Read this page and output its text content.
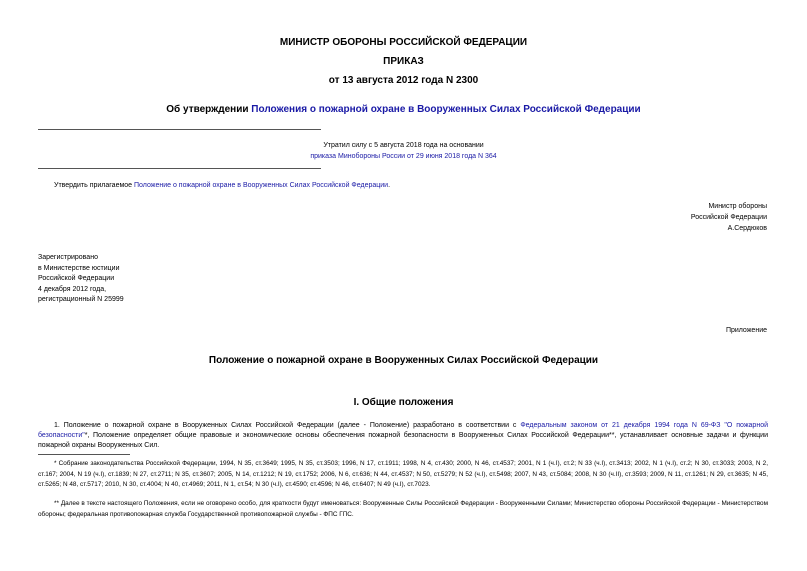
МИНИСТР ОБОРОНЫ РОССИЙСКОЙ ФЕДЕРАЦИИ
ПРИКАЗ
от 13 августа 2012 года N 2300
Об утверждении Положения о пожарной охране в Вооруженных Силах Российской Федерации
Утратил силу с 5 августа 2018 года на основании
приказа Минобороны России от 29 июня 2018 года N 364
Утвердить прилагаемое Положение о пожарной охране в Вооруженных Силах Российской Федерации.
Министр обороны
Российской Федерации
А.Сердюков
Зарегистрировано
в Министерстве юстиции
Российской Федерации
4 декабря 2012 года,
регистрационный N 25999
Приложение
Положение о пожарной охране в Вооруженных Силах Российской Федерации
I. Общие положения
1. Положение о пожарной охране в Вооруженных Силах Российской Федерации (далее - Положение) разработано в соответствии с Федеральным законом от 21 декабря 1994 года N 69-ФЗ "О пожарной безопасности"*, Положение определяет общие правовые и экономические основы обеспечения пожарной безопасности в Вооруженных Силах Российской Федерации**, устанавливает основные задачи и функции пожарной охраны Вооруженных Сил.
* Собрание законодательства Российской Федерации, 1994, N 35, ст.3649; 1995, N 35, ст.3503; 1996, N 17, ст.1911; 1998, N 4, ст.430; 2000, N 46, ст.4537; 2001, N 1 (ч.I), ст.2; N 33 (ч.I), ст.3413; 2002, N 1 (ч.I), ст.2; N 30, ст.3033; 2003, N 2, ст.167; 2004, N 19 (ч.I), ст.1839; N 27, ст.2711; N 35, ст.3607; 2005, N 14, ст.1212; N 19, ст.1752; 2006, N 6, ст.636; N 44, ст.4537; N 50, ст.5279; N 52 (ч.I), ст.5498; 2007, N 43, ст.5084; 2008, N 30 (ч.II), ст.3593; 2009, N 11, ст.1261; N 29, ст.3635; N 45, ст.5265; N 48, ст.5717; 2010, N 30, ст.4004; N 40, ст.4969; 2011, N 1, ст.54; N 30 (ч.I), ст.4590; ст.4596; N 46, ст.6407; N 49 (ч.I), ст.7023.
** Далее в тексте настоящего Положения, если не оговорено особо, для краткости будут именоваться: Вооруженные Силы Российской Федерации - Вооруженными Силами; Министерство обороны Российской Федерации - Министерством обороны; федеральная противопожарная служба Государственной противопожарной службы - ФПС ГПС.
